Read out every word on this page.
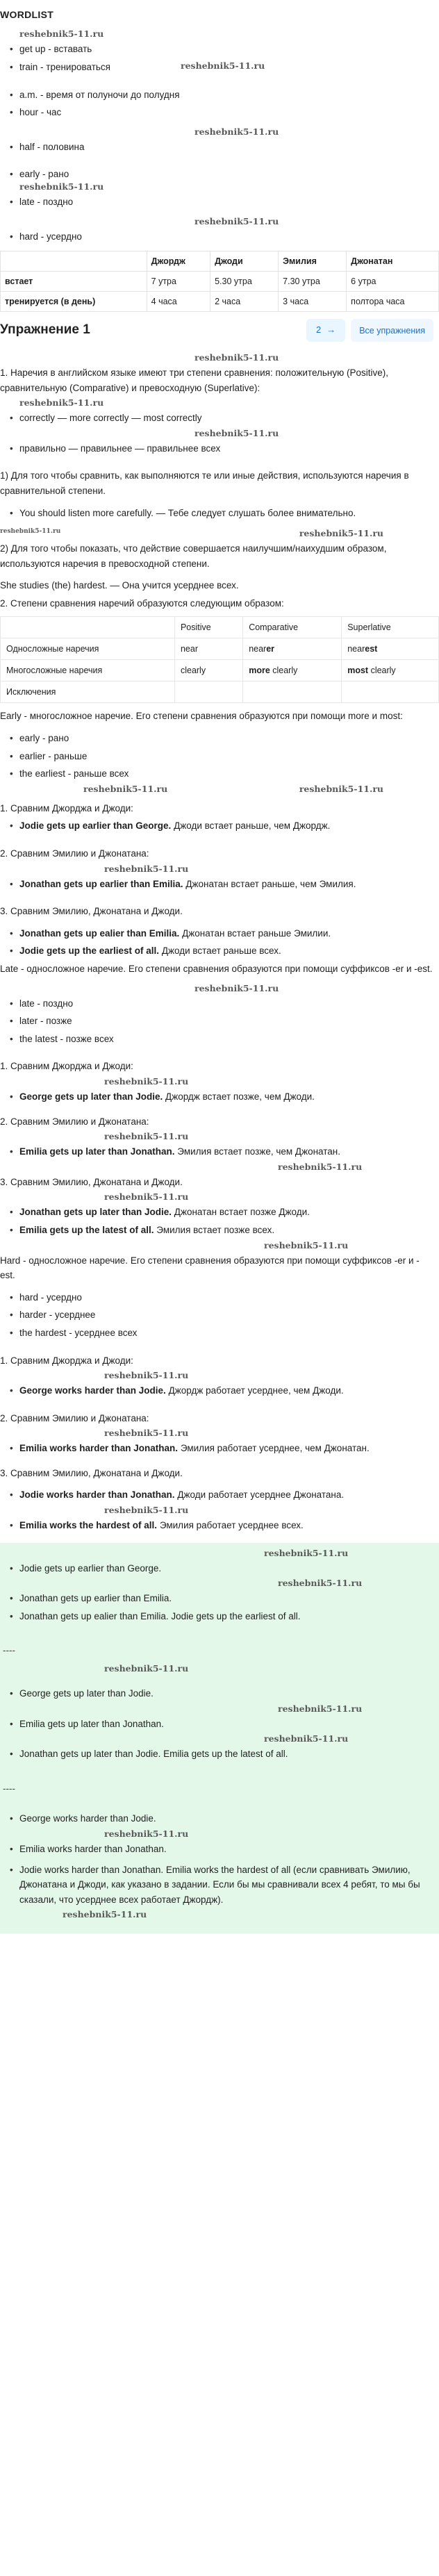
WORDLIST
reshebnik5-11.ru
• get up - вставать
• train - тренироваться	reshebnik5-11.ru
• a.m. - время от полуночи до полудня
• hour - час
reshebnik5-11.ru
• half - половина
• early - рано
reshebnik5-11.ru
• late - поздно
reshebnik5-11.ru
• hard - усердно
	Джордж	Джоди	Эмилия	Джонатан
встает	7 утра	5.30 утра	7.30 утра	6 утра
тренируется (в день)	4 часа	2 часа	3 часа	полтора часа
Упражнение 1	2 →	Все упражнения
reshebnik5-11.ru

1. Наречия в английском языке имеют три степени сравнения: положительную (Positive), сравнительную (Comparative) и превосходную (Superlative):

reshebnik5-11.ru
• correctly — more correctly — most correctly
reshebnik5-11.ru
• правильно — правильнее — правильнее всех

1) Для того чтобы сравнить, как выполняются те или иные действия, используются наречия в сравнительной степени.

• You should listen more carefully. — Тебе следует слушать более внимательно.
reshebnik5-11.ru	reshebnik5-11.ru

2) Для того чтобы показать, что действие совершается наилучшим/наихудшим образом, используются наречия в превосходной степени.

She studies (the) hardest. — Она учится усерднее всех.

2. Степени сравнения наречий образуются следующим образом:

	Positive	Comparative	Superlative
Односложные наречия	near	nearer	nearest
Многосложные наречия	clearly	more clearly	most clearly
Исключения			

Early - многосложное наречие. Его степени сравнения образуются при помощи more и most:

• early - рано
• earlier - раньше
• the earliest - раньше всех
reshebnik5-11.ru	reshebnik5-11.ru

1. Сравним Джорджа и Джоди:

• Jodie gets up earlier than George. Джоди встает раньше, чем Джордж.

2. Сравним Эмилию и Джонатана:

reshebnik5-11.ru
• Jonathan gets up earlier than Emilia. Джонатан встает раньше, чем Эмилия.

3. Сравним Эмилию, Джонатана и Джоди.

• Jonathan gets up ealier than Emilia. Джонатан встает раньше Эмилии.
• Jodie gets up the earliest of all. Джоди встает раньше всех.

Late - односложное наречие. Его степени сравнения образуются при помощи суффиксов -er и -est.

reshebnik5-11.ru
• late - поздно
• later - позже
• the latest - позже всех

1. Сравним Джорджа и Джоди:

reshebnik5-11.ru
• George gets up later than Jodie. Джордж встает позже, чем Джоди.

2. Сравним Эмилию и Джонатана:

reshebnik5-11.ru
• Emilia gets up later than Jonathan. Эмилия встает позже, чем Джонатан.
reshebnik5-11.ru

3. Сравним Эмилию, Джонатана и Джоди.

reshebnik5-11.ru
• Jonathan gets up later than Jodie. Джонатан встает позже Джоди.
• Emilia gets up the latest of all. Эмилия встает позже всех.
reshebnik5-11.ru

Hard - односложное наречие. Его степени сравнения образуются при помощи суффиксов -er и -est.

• hard - усердно
• harder - усерднее
• the hardest - усерднее всех

1. Сравним Джорджа и Джоди:

reshebnik5-11.ru
• George works harder than Jodie. Джордж работает усерднее, чем Джоди.

2. Сравним Эмилию и Джонатана:

reshebnik5-11.ru
• Emilia works harder than Jonathan. Эмилия работает усерднее, чем Джонатан.

3. Сравним Эмилию, Джонатана и Джоди.

• Jodie works harder than Jonathan. Джоди работает усерднее Джонатана.
reshebnik5-11.ru
• Emilia works the hardest of all. Эмилия работает усерднее всех.
reshebnik5-11.ru
• Jodie gets up earlier than George.
reshebnik5-11.ru
• Jonathan gets up earlier than Emilia.
• Jonathan gets up ealier than Emilia. Jodie gets up the earliest of all.
----
reshebnik5-11.ru
• George gets up later than Jodie.
reshebnik5-11.ru
• Emilia gets up later than Jonathan.
reshebnik5-11.ru
• Jonathan gets up later than Jodie. Emilia gets up the latest of all.
----
• George works harder than Jodie.
reshebnik5-11.ru
• Emilia works harder than Jonathan.
• Jodie works harder than Jonathan. Emilia works the hardest of all (если сравнивать Эмилию, Джонатана и Джоди, как указано в задании. Если бы мы сравнивали всех 4 ребят, то мы бы сказали, что усерднее всех работает Джордж).
reshebnik5-11.ru
